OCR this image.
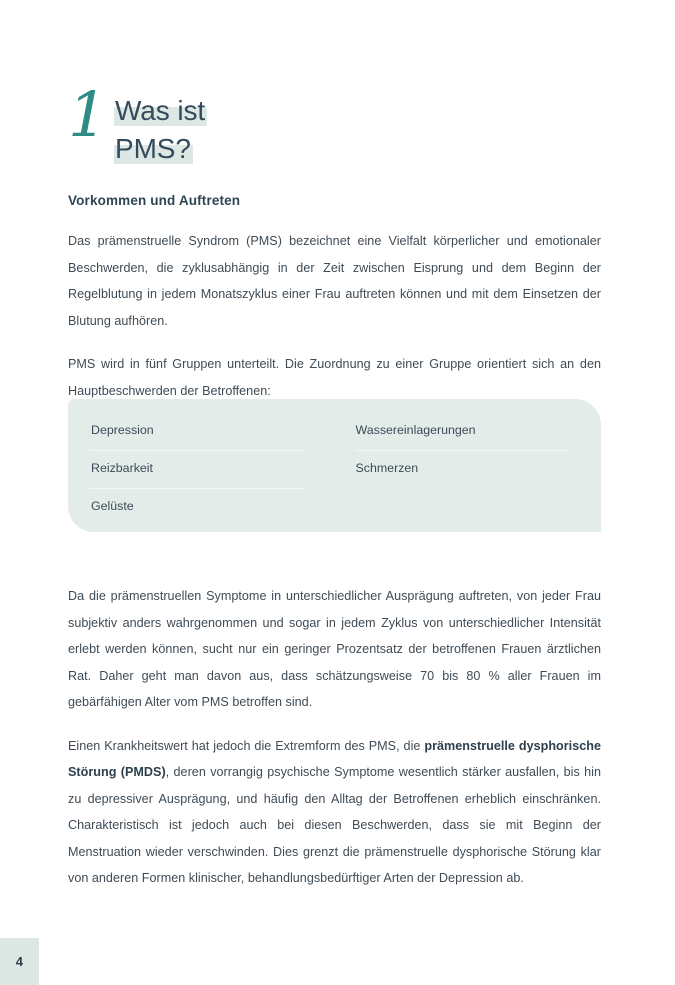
1 Was ist
PMS?
Vorkommen und Auftreten

Das prämenstruelle Syndrom (PMS) bezeichnet eine Vielfalt körperlicher und emotionaler Beschwerden, die zyklusabhängig in der Zeit zwischen Eisprung und dem Beginn der Regelblutung in jedem Monatszyklus einer Frau auftreten können und mit dem Einsetzen der Blutung aufhören.

PMS wird in fünf Gruppen unterteilt. Die Zuordnung zu einer Gruppe orientiert sich an den Hauptbeschwerden der Betroffenen:

Da die prämenstruellen Symptome in unterschiedlicher Ausprägung auftreten, von jeder Frau subjektiv anders wahrgenommen und sogar in jedem Zyklus von unterschiedlicher Intensität erlebt werden können, sucht nur ein geringer Prozentsatz der betroffenen Frauen ärztlichen Rat. Daher geht man davon aus, dass schätzungsweise 70 bis 80 % aller Frauen im gebärfähigen Alter vom PMS betroffen sind.

Einen Krankheitswert hat jedoch die Extremform des PMS, die prämenstruelle dysphorische Störung (PMDS), deren vorrangig psychische Symptome wesentlich stärker ausfallen, bis hin zu depressiver Ausprägung, und häufig den Alltag der Betroffenen erheblich einschränken. Charakteristisch ist jedoch auch bei diesen Beschwerden, dass sie mit Beginn der Menstruation wieder verschwinden. Dies grenzt die prämenstruelle dysphorische Störung klar von anderen Formen klinischer, behandlungsbedürftiger Arten der Depression ab.

Depression
Reizbarkeit
Gelüste
Wassereinlagerungen
Schmerzen
4
